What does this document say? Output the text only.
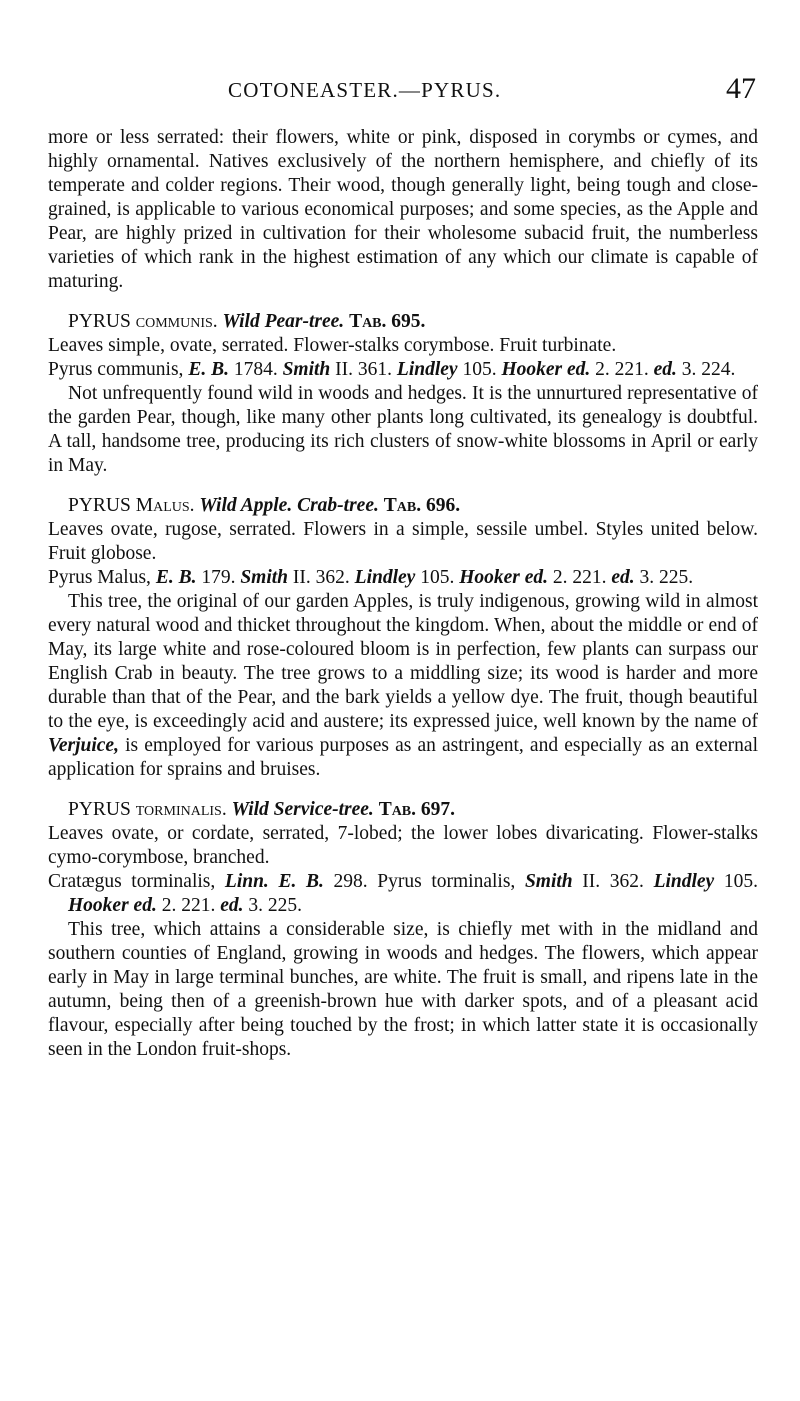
COTONEASTER.—PYRUS.	47

more or less serrated: their flowers, white or pink, disposed in corymbs or cymes, and highly ornamental. Natives exclusively of the northern hemisphere, and chiefly of its temperate and colder regions. Their wood, though generally light, being tough and close-grained, is applicable to various economical purposes; and some species, as the Apple and Pear, are highly prized in cultivation for their wholesome subacid fruit, the numberless varieties of which rank in the highest estimation of any which our climate is capable of maturing.

PYRUS communis. Wild Pear-tree. Tab. 695.

Leaves simple, ovate, serrated. Flower-stalks corymbose. Fruit turbinate.

Pyrus communis, E. B. 1784. Smith II. 361. Lindley 105. Hooker ed. 2. 221. ed. 3. 224.

Not unfrequently found wild in woods and hedges. It is the unnurtured representative of the garden Pear, though, like many other plants long cultivated, its genealogy is doubtful. A tall, handsome tree, producing its rich clusters of snow-white blossoms in April or early in May.

PYRUS Malus. Wild Apple. Crab-tree. Tab. 696.

Leaves ovate, rugose, serrated. Flowers in a simple, sessile umbel. Styles united below. Fruit globose.

Pyrus Malus, E. B. 179. Smith II. 362. Lindley 105. Hooker ed. 2. 221. ed. 3. 225.

This tree, the original of our garden Apples, is truly indigenous, growing wild in almost every natural wood and thicket throughout the kingdom. When, about the middle or end of May, its large white and rose-coloured bloom is in perfection, few plants can surpass our English Crab in beauty. The tree grows to a middling size; its wood is harder and more durable than that of the Pear, and the bark yields a yellow dye. The fruit, though beautiful to the eye, is exceedingly acid and austere; its expressed juice, well known by the name of Verjuice, is employed for various purposes as an astringent, and especially as an external application for sprains and bruises.

PYRUS torminalis. Wild Service-tree. Tab. 697.

Leaves ovate, or cordate, serrated, 7-lobed; the lower lobes divaricating. Flower-stalks cymo-corymbose, branched.

Cratægus torminalis, Linn. E. B. 298. Pyrus torminalis, Smith II. 362. Lindley 105. Hooker ed. 2. 221. ed. 3. 225.

This tree, which attains a considerable size, is chiefly met with in the midland and southern counties of England, growing in woods and hedges. The flowers, which appear early in May in large terminal bunches, are white. The fruit is small, and ripens late in the autumn, being then of a greenish-brown hue with darker spots, and of a pleasant acid flavour, especially after being touched by the frost; in which latter state it is occasionally seen in the London fruit-shops.
